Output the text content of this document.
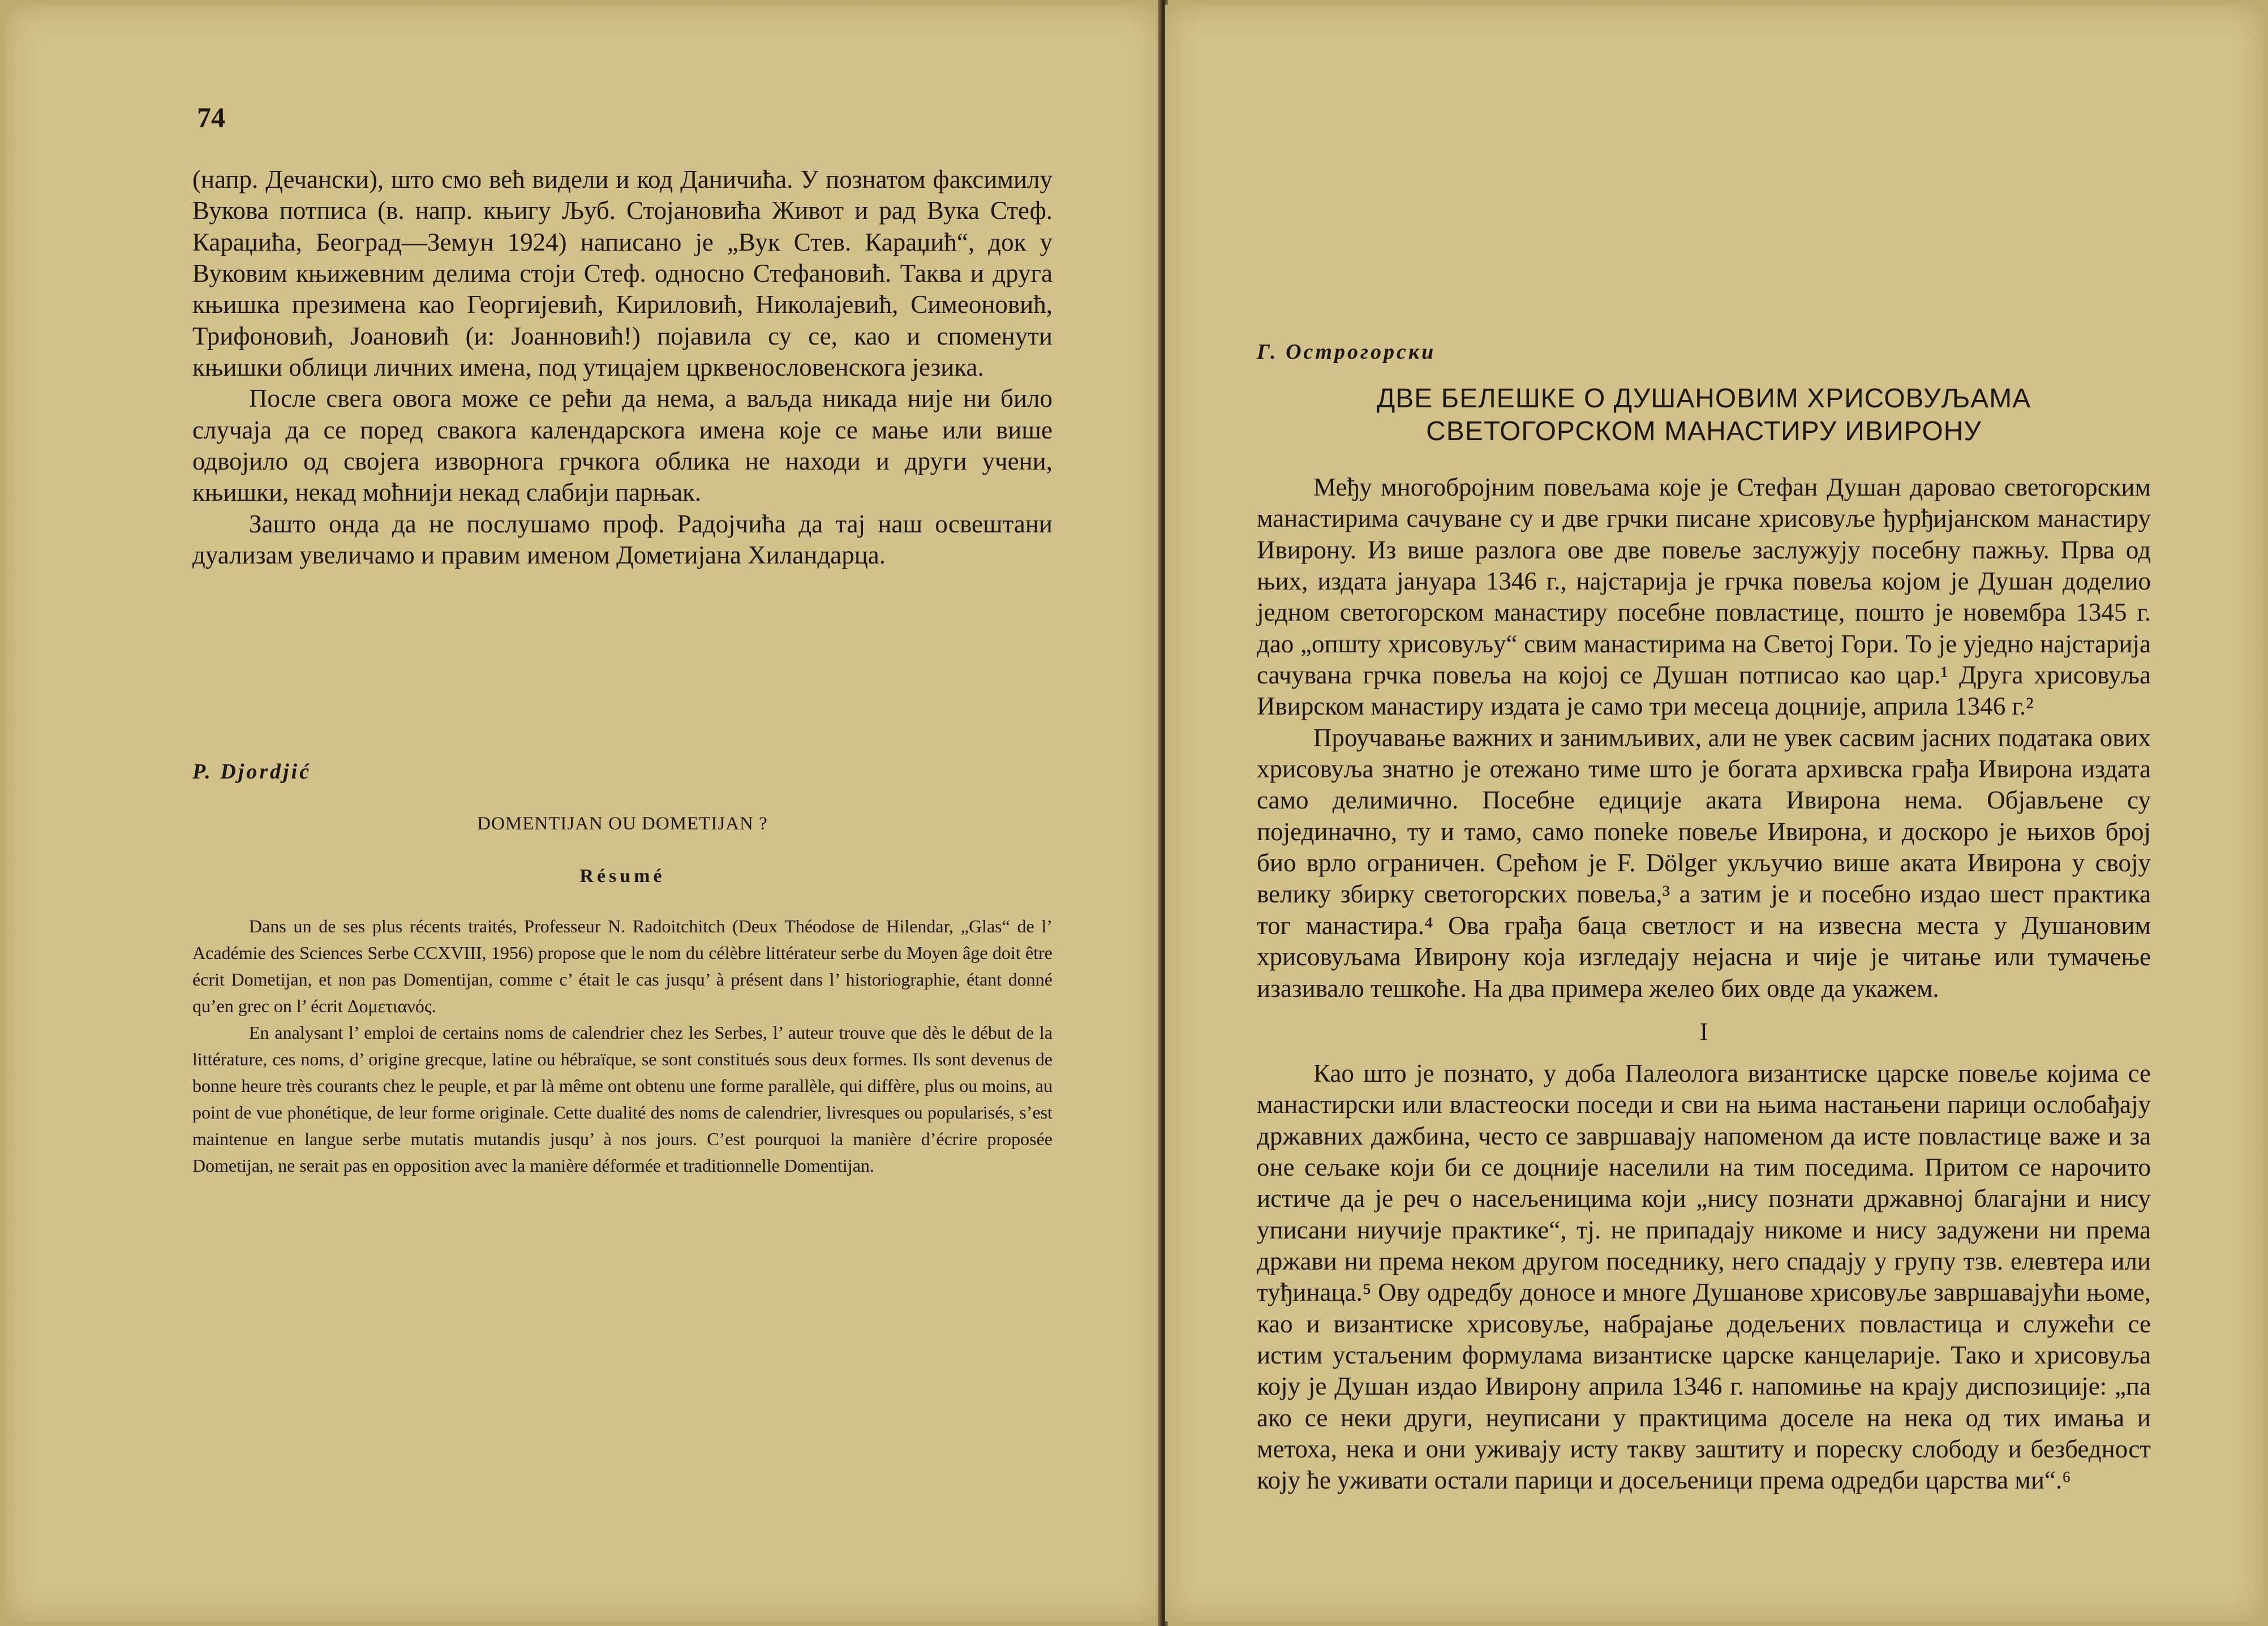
74

(напр. Дечански), што смо већ видели и код Даничића. У познатом факсимилу Вукова потписа (в. напр. књигу Љуб. Стојановића Живот и рад Вука Стеф. Караџића, Београд—Земун 1924) написано је „Вук Стев. Караџић“, док у Вуковим књижевним делима стоји Стеф. односно Стефановић. Таква и друга књишка презимена као Георгијевић, Кириловић, Николајевић, Симеоновић, Трифоновић, Јоановић (и: Јоанновић!) појавила су се, као и споменути књишки облици личних имена, под утицајем црквенословенскога језика.

После свега овога може се рећи да нема, а ваљда никада није ни било случаја да се поред свакога календарскога имена које се мање или више одвојило од својега изворнога грчкога облика не находи и други учени, књишки, некад моћнији некад слабији парњак.

Зашто онда да не послушамо проф. Радојчића да тај наш освештани дуализам увеличамо и правим именом Дометијана Хиландарца.

P. Djordjić
DOMENTIJAN OU DOMETIJAN ?
Résumé

Dans un de ses plus récents traités, Professeur N. Radoitchitch (Deux Théodose de Hilendar, „Glas“ de l’ Académie des Sciences Serbe CCXVIII, 1956) propose que le nom du célèbre littérateur serbe du Moyen âge doit être écrit Dometijan, et non pas Domentijan, comme c’ était le cas jusqu’ à présent dans l’ historiographie, étant donné qu’en grec on l’ écrit Δομετιανός.

En analysant l’ emploi de certains noms de calendrier chez les Serbes, l’ auteur trouve que dès le début de la littérature, ces noms, d’ origine grecque, latine ou hébraïque, se sont constitués sous deux formes. Ils sont devenus de bonne heure très courants chez le peuple, et par là même ont obtenu une forme parallèle, qui diffère, plus ou moins, au point de vue phonétique, de leur forme originale. Cette dualité des noms de calendrier, livresques ou popularisés, s’est maintenue en langue serbe mutatis mutandis jusqu’ à nos jours. C’est pourquoi la manière d’écrire proposée Dometijan, ne serait pas en opposition avec la manière déformée et traditionnelle Domentijan.

Г. Острогорски
ДВЕ БЕЛЕШКЕ О ДУШАНОВИМ ХРИСОВУЉАМА
СВЕТОГОРСКОМ МАНАСТИРУ ИВИРОНУ

Међу многобројним повељама које је Стефан Душан даровао светогорским манастирима сачуване су и две грчки писане хрисовуље ђурђијанском манастиру Ивирону. Из више разлога ове две повеље заслужују посебну пажњу. Прва од њих, издата јануара 1346 г., најстарија је грчка повеља којом је Душан доделио једном светогорском манастиру посебне повластице, пошто је новембра 1345 г. дао „општу хрисовуљу“ свим манастирима на Светој Гори. То је уједно најстарија сачувана грчка повеља на којој се Душан потписао као цар.¹ Друга хрисовуља Ивирском манастиру издата је само три месеца доцније, априла 1346 г.²

Проучавање важних и занимљивих, али не увек сасвим јасних података ових хрисовуља знатно је отежано тиме што је богата архивска грађа Ивирона издата само делимично. Посебне едиције аката Ивирона нема. Објављене су појединачно, ту и тамо, само поneke повеље Ивирона, и доскоро је њихов број био врло ограничен. Срећом је F. Dölger укључио више аката Ивирона у своју велику збирку светогорских повеља,³ а затим је и посебно издао шест практика тог манастира.⁴ Ова грађа баца светлост и на извесна места у Душановим хрисовуљама Ивирону која изгледају нејасна и чије је читање или тумачење изазивало тешкоће. На два примера желео бих овде да укажем.

I

Као што је познато, у доба Палеолога византиске царске повеље којима се манастирски или властеоски поседи и сви на њима настањени парици ослобађају државних дажбина, често се завршавају напоменом да исте повластице важе и за оне сељаке који би се доцније населили на тим поседима. Притом се нарочито истиче да је реч о насељеницима који „нису познати државној благајни и нису уписани ниучије практике“, тј. не припадају никоме и нису задужени ни према држави ни према неком другом поседнику, него спадају у групу тзв. елевтера или туђинаца.⁵ Ову одредбу доносе и многе Душанове хрисовуље завршавајући њоме, као и византиске хрисовуље, набрајање додељених повластица и служећи се истим устаљеним формулама византиске царске канцеларије. Тако и хрисовуља коју је Душан издао Ивирону априла 1346 г. напомиње на крају диспозиције: „па ако се неки други, неуписани у практицима доселе на нека од тих имања и метоха, нека и они уживају исту такву заштиту и пореску слободу и безбедност коју ће уживати остали парици и досељеници према одредби царства ми“.⁶
